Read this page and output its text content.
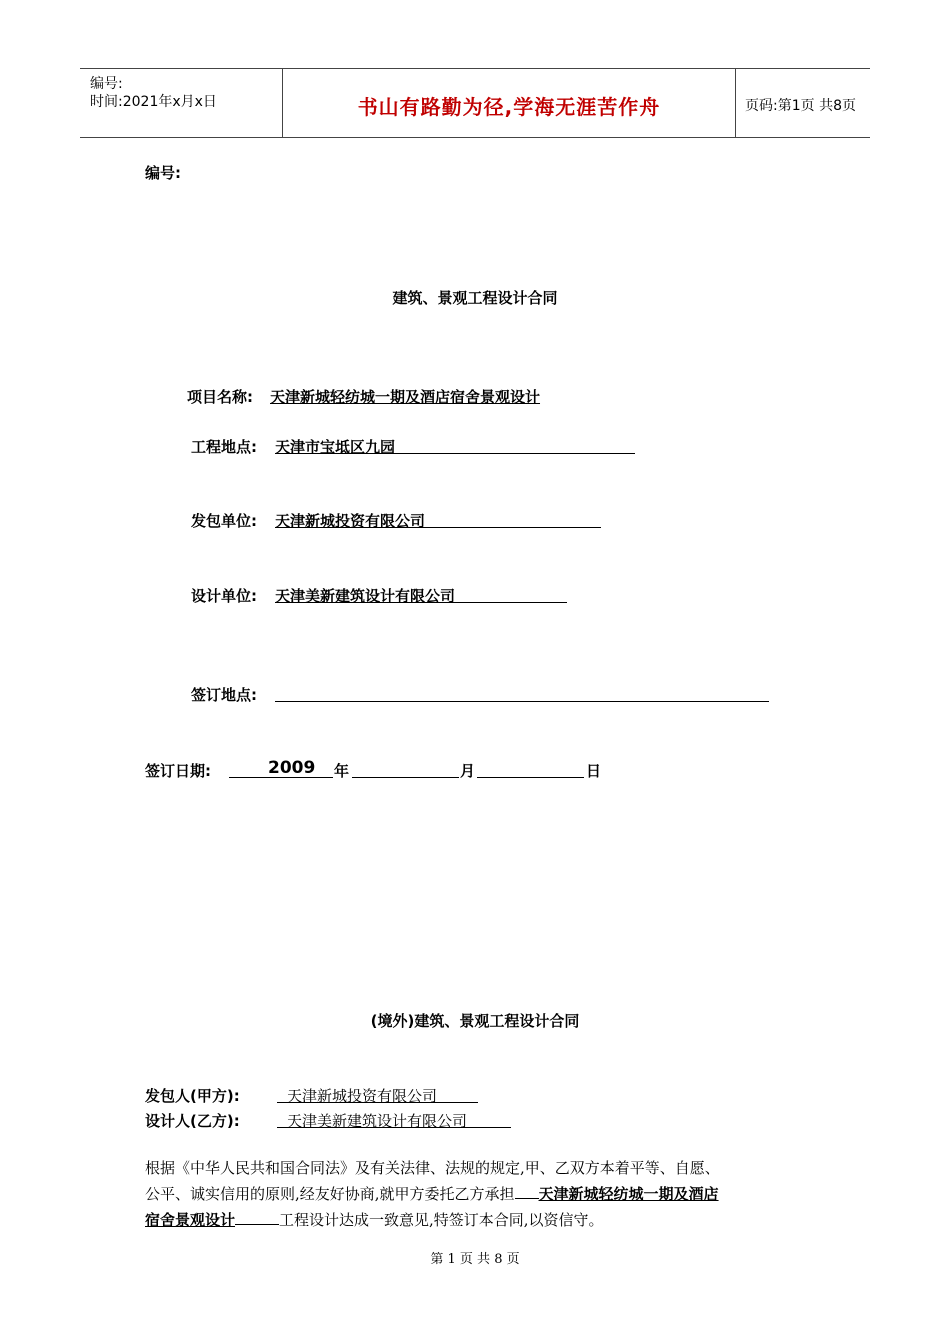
编号:
时间:2021年x月x日	书山有路勤为径,学海无涯苦作舟	页码:第1页 共8页
编号:
建筑、景观工程设计合同
项目名称: 天津新城轻纺城一期及酒店宿舍景观设计
工程地点: 天津市宝坻区九园
发包单位: 天津新城投资有限公司
设计单位: 天津美新建筑设计有限公司
签订地点:
签订日期:	2009 年	月	日
(境外)建筑、景观工程设计合同
发包人(甲方):	天津新城投资有限公司
设计人(乙方):	天津美新建筑设计有限公司
根据《中华人民共和国合同法》及有关法律、法规的规定,甲、乙双方本着平等、自愿、
公平、诚实信用的原则,经友好协商,就甲方委托乙方承担 天津新城轻纺城一期及酒店
宿舍景观设计	工程设计达成一致意见,特签订本合同,以资信守。
第 1 页 共 8 页
